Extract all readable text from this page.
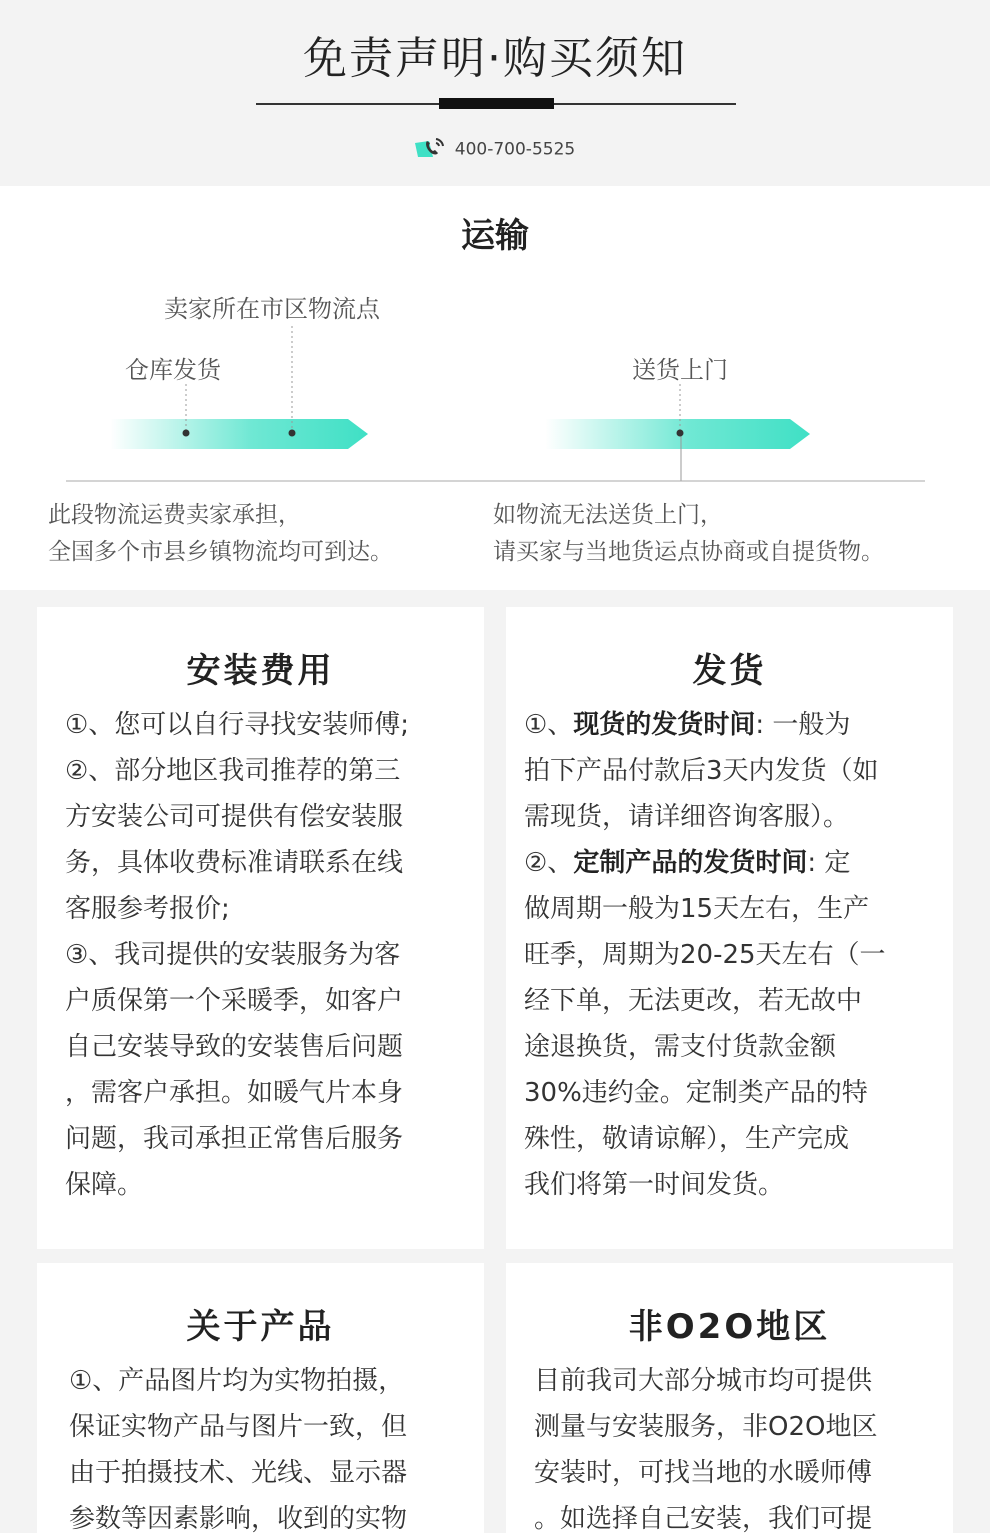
免责声明·购买须知
400-700-5525
运输
卖家所在市区物流点
仓库发货	送货上门
此段物流运费卖家承担，
全国多个市县乡镇物流均可到达。
如物流无法送货上门，
请买家与当地货运点协商或自提货物。
安装费用

①、您可以自行寻找安装师傅;

②、部分地区我司推荐的第三

方安装公司可提供有偿安装服

务，具体收费标准请联系在线

客服参考报价;

③、我司提供的安装服务为客

户质保第一个采暖季，如客户

自己安装导致的安装售后问题

，需客户承担。如暖气片本身

问题，我司承担正常售后服务

保障。

发货

①、现货的发货时间: 一般为

拍下产品付款后3天内发货（如

需现货，请详细咨询客服）。

②、定制产品的发货时间: 定

做周期一般为15天左右，生产

旺季，周期为20-25天左右（一

经下单，无法更改，若无故中

途退换货，需支付货款金额

30%违约金。定制类产品的特

殊性，敬请谅解），生产完成

我们将第一时间发货。

关于产品

①、产品图片均为实物拍摄，

保证实物产品与图片一致，但

由于拍摄技术、光线、显示器

参数等因素影响，收到的实物

非O2O地区

目前我司大部分城市均可提供

测量与安装服务，非O2O地区

安装时，可找当地的水暖师傅

。如选择自己安装，我们可提
